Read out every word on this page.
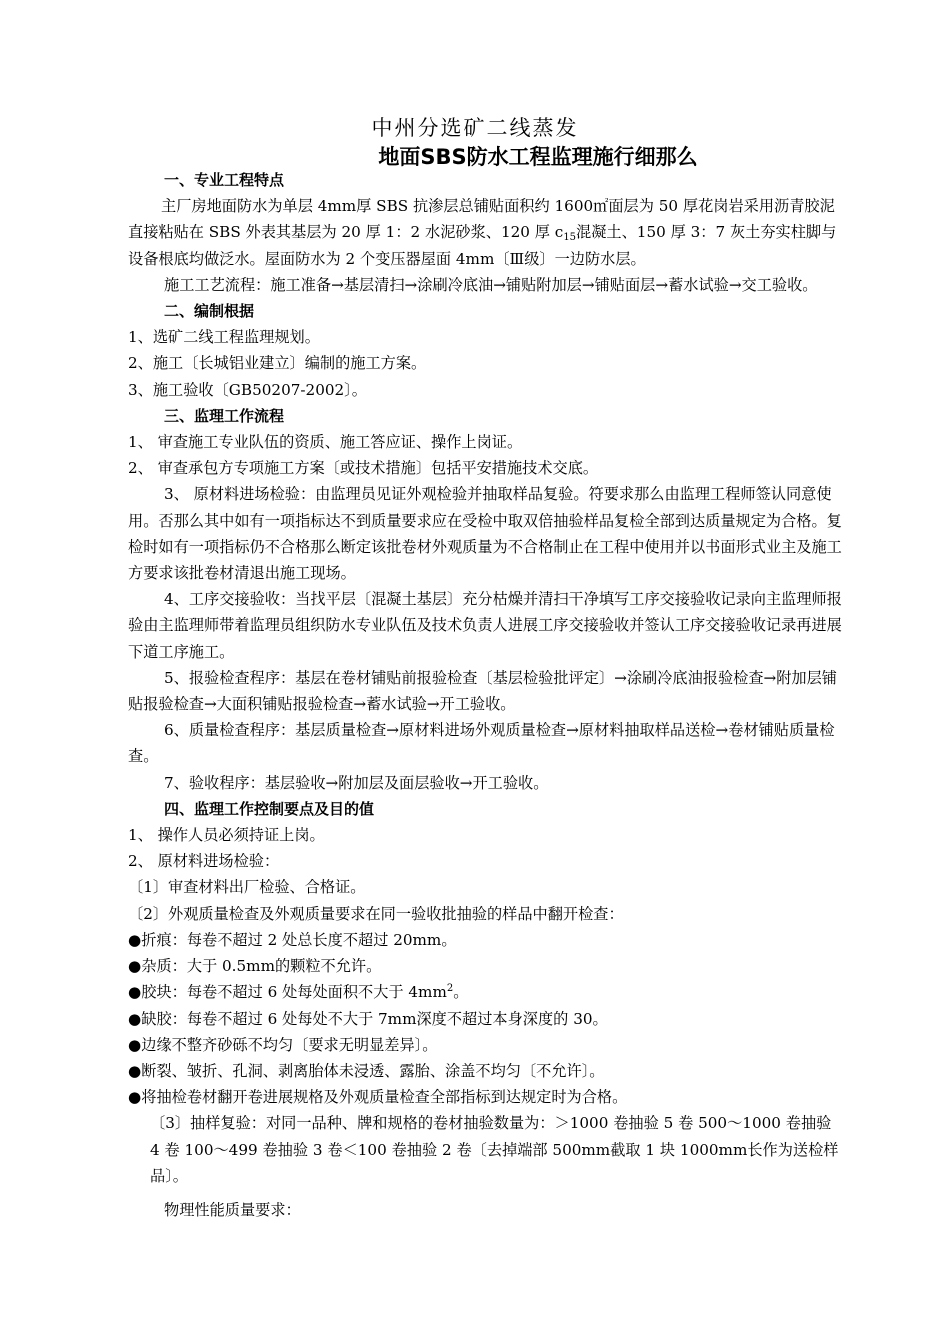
中州分选矿二线蒸发
地面SBS防水工程监理施行细那么

一、专业工程特点

主厂房地面防水为单层 4mm厚 SBS 抗渗层总铺贴面积约 1600㎡面层为 50 厚花岗岩采用沥青胶泥直接粘贴在 SBS 外表其基层为 20 厚 1：2 水泥砂浆、120 厚 $c_{15}$混凝土、150 厚 3：7 灰土夯实柱脚与设备根底均做泛水。屋面防水为 2 个变压器屋面 4mm〔Ⅲ级〕一边防水层。

施工工艺流程：施工准备→基层清扫→涂刷冷底油→铺贴附加层→铺贴面层→蓄水试验→交工验收。

二、编制根据

1、选矿二线工程监理规划。

2、施工〔长城铝业建立〕编制的施工方案。

3、施工验收〔GB50207-2002〕。

三、监理工作流程

1、 审查施工专业队伍的资质、施工答应证、操作上岗证。

2、 审查承包方专项施工方案〔或技术措施〕包括平安措施技术交底。

3、 原材料进场检验：由监理员见证外观检验并抽取样品复验。符要求那么由监理工程师签认同意使用。否那么其中如有一项指标达不到质量要求应在受检中取双倍抽验样品复检全部到达质量规定为合格。复检时如有一项指标仍不合格那么断定该批卷材外观质量为不合格制止在工程中使用并以书面形式业主及施工方要求该批卷材清退出施工现场。

4、工序交接验收：当找平层〔混凝土基层〕充分枯燥并清扫干净填写工序交接验收记录向主监理师报验由主监理师带着监理员组织防水专业队伍及技术负责人进展工序交接验收并签认工序交接验收记录再进展下道工序施工。

5、报验检查程序：基层在卷材铺贴前报验检查〔基层检验批评定〕→涂刷冷底油报验检查→附加层铺贴报验检查→大面积铺贴报验检查→蓄水试验→开工验收。

6、质量检查程序：基层质量检查→原材料进场外观质量检查→原材料抽取样品送检→卷材铺贴质量检查。

7、验收程序：基层验收→附加层及面层验收→开工验收。

四、监理工作控制要点及目的值

1、 操作人员必须持证上岗。

2、 原材料进场检验：

〔1〕审查材料出厂检验、合格证。

〔2〕外观质量检查及外观质量要求在同一验收批抽验的样品中翻开检查：

●折痕：每卷不超过 2 处总长度不超过 20mm。

●杂质：大于 0.5mm的颗粒不允许。

●胶块：每卷不超过 6 处每处面积不大于 $4mm^2$。

●缺胶：每卷不超过 6 处每处不大于 7mm深度不超过本身深度的 30。

●边缘不整齐砂砾不均匀〔要求无明显差异〕。

●断裂、皱折、孔洞、剥离胎体未浸透、露胎、涂盖不均匀〔不允许〕。

●将抽检卷材翻开卷进展规格及外观质量检查全部指标到达规定时为合格。

〔3〕抽样复验：对同一品种、牌和规格的卷材抽验数量为：＞1000 卷抽验 5 卷 500～1000 卷抽验 4 卷 100～499 卷抽验 3 卷＜100 卷抽验 2 卷〔去掉端部 500mm截取 1 块 1000mm长作为送检样品〕。

物理性能质量要求：
